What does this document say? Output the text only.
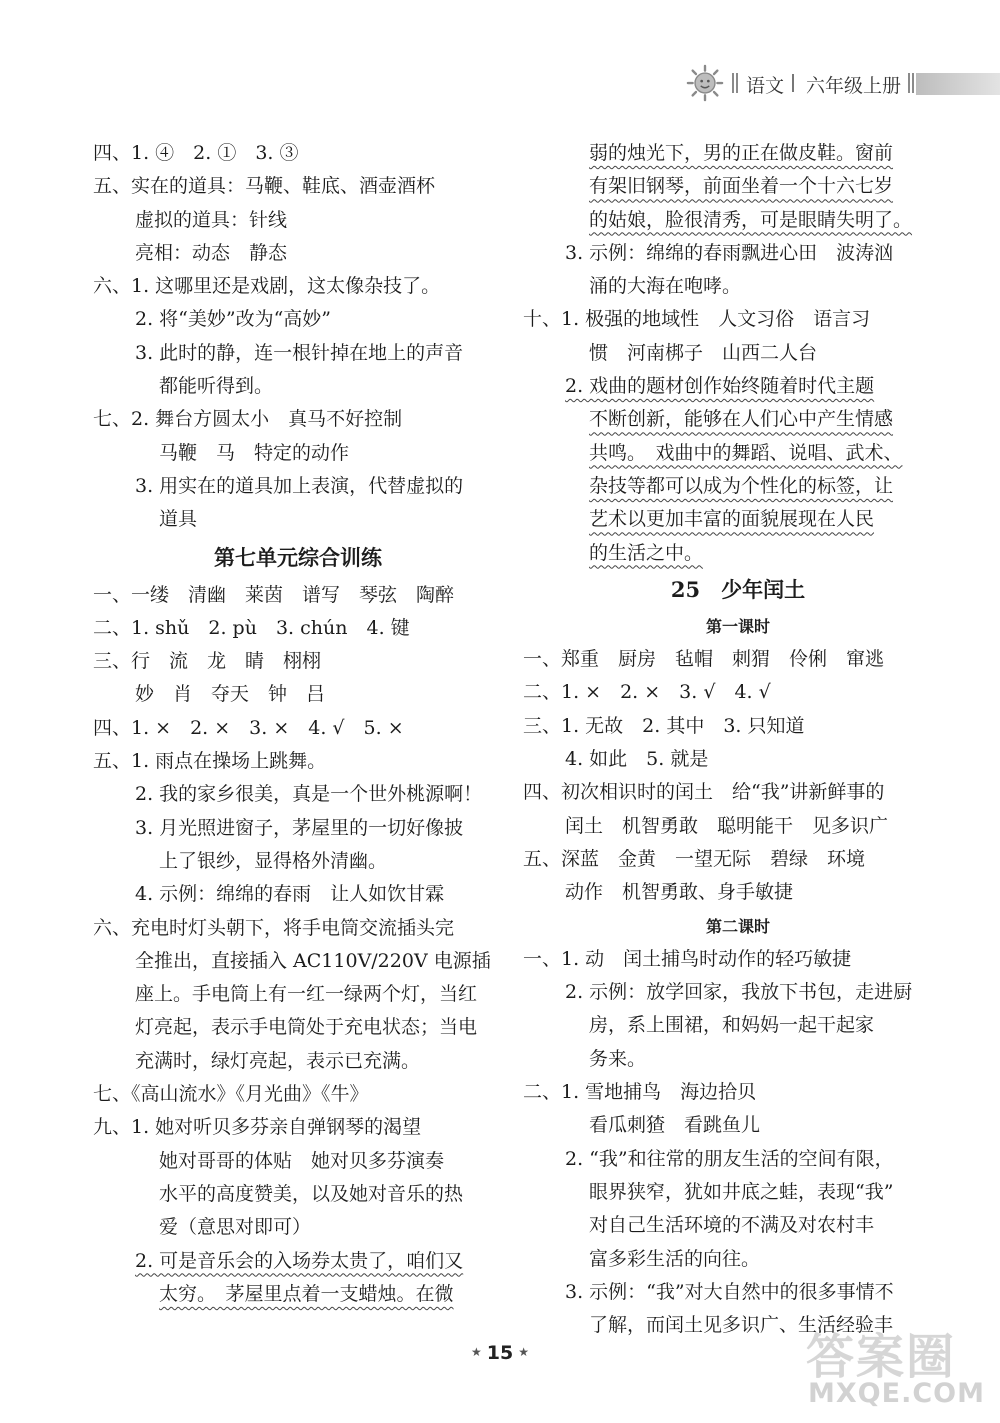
语文 六年级上册
四、1. ④　2. ①　3. ③
五、实在的道具：马鞭、鞋底、酒壶酒杯
虚拟的道具：针线
亮相：动态　静态
六、1. 这哪里还是戏剧，这太像杂技了。
2. 将“美妙”改为“高妙”
3. 此时的静，连一根针掉在地上的声音
都能听得到。
七、2. 舞台方圆太小　真马不好控制
马鞭　马　特定的动作
3. 用实在的道具加上表演，代替虚拟的
道具
第七单元综合训练
一、一缕　清幽　莱茵　谱写　琴弦　陶醉
二、1. shǔ　2. pù　3. chún　4. 键
三、行　流　龙　睛　栩栩
妙　肖　夺天　钟　吕
四、1. ×　2. ×　3. ×　4. √　5. ×
五、1. 雨点在操场上跳舞。
2. 我的家乡很美，真是一个世外桃源啊！
3. 月光照进窗子，茅屋里的一切好像披
上了银纱，显得格外清幽。
4. 示例：绵绵的春雨　让人如饮甘霖
六、充电时灯头朝下，将手电筒交流插头完
全推出，直接插入 AC110V/220V 电源插
座上。手电筒上有一红一绿两个灯，当红
灯亮起，表示手电筒处于充电状态；当电
充满时，绿灯亮起，表示已充满。
七、《高山流水》《月光曲》《牛》
九、1. 她对听贝多芬亲自弹钢琴的渴望
她对哥哥的体贴　她对贝多芬演奏
水平的高度赞美，以及她对音乐的热
爱（意思对即可）
2. 可是音乐会的入场券太贵了，咱们又
太穷。　茅屋里点着一支蜡烛。在微
弱的烛光下，男的正在做皮鞋。窗前
有架旧钢琴，前面坐着一个十六七岁
的姑娘，脸很清秀，可是眼睛失明了。
3. 示例：绵绵的春雨飘进心田　波涛汹
涌的大海在咆哮。
十、1. 极强的地域性　人文习俗　语言习
惯　河南梆子　山西二人台
2. 戏曲的题材创作始终随着时代主题
不断创新，能够在人们心中产生情感
共鸣。　戏曲中的舞蹈、说唱、武术、
杂技等都可以成为个性化的标签，让
艺术以更加丰富的面貌展现在人民
的生活之中。
25　少年闰土
第一课时
一、郑重　厨房　毡帽　刺猬　伶俐　窜逃
二、1. ×　2. ×　3. √　4. √
三、1. 无故　2. 其中　3. 只知道
4. 如此　5. 就是
四、初次相识时的闰土　给“我”讲新鲜事的
闰土　机智勇敢　聪明能干　见多识广
五、深蓝　金黄　一望无际　碧绿　环境
动作　机智勇敢、身手敏捷
第二课时
一、1. 动　闰土捕鸟时动作的轻巧敏捷
2. 示例：放学回家，我放下书包，走进厨
房，系上围裙，和妈妈一起干起家
务来。
二、1. 雪地捕鸟　海边拾贝
看瓜刺猹　看跳鱼儿
2. “我”和往常的朋友生活的空间有限，
眼界狭窄，犹如井底之蛙，表现“我”
对自己生活环境的不满及对农村丰
富多彩生活的向往。
3. 示例：“我”对大自然中的很多事情不
了解，而闰土见多识广、生活经验丰
★ 15 ★	答案圈
MXQE.COM
